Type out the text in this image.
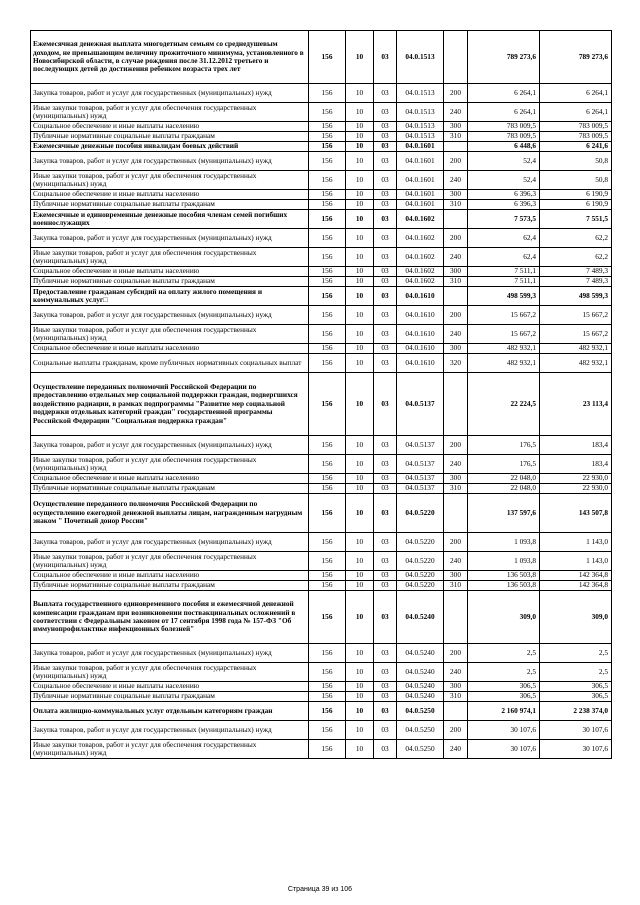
Ежемесячная денежная выплата многодетным семьям со среднедушевым доходом, не превышающим величину прожиточного минимума, установленного в Новосибирской области, в случае рождения после 31.12.2012 третьего и последующих детей до достижения ребенком возраста трех лет	156	10	03	04.0.1513		789 273,6	789 273,6
Закупка товаров, работ и услуг для государственных (муниципальных) нужд	156	10	03	04.0.1513	200	6 264,1	6 264,1
Иные закупки товаров, работ и услуг для обеспечения государственных (муниципальных) нужд	156	10	03	04.0.1513	240	6 264,1	6 264,1
Социальное обеспечение и иные выплаты населению	156	10	03	04.0.1513	300	783 009,5	783 009,5
Публичные нормативные социальные выплаты гражданам	156	10	03	04.0.1513	310	783 009,5	783 009,5
Ежемесячные денежные пособия инвалидам боевых действий	156	10	03	04.0.1601		6 448,6	6 241,6
Закупка товаров, работ и услуг для государственных (муниципальных) нужд	156	10	03	04.0.1601	200	52,4	50,8
Иные закупки товаров, работ и услуг для обеспечения государственных (муниципальных) нужд	156	10	03	04.0.1601	240	52,4	50,8
Социальное обеспечение и иные выплаты населению	156	10	03	04.0.1601	300	6 396,3	6 190,9
Публичные нормативные социальные выплаты гражданам	156	10	03	04.0.1601	310	6 396,3	6 190,9
Ежемесячные и единовременные денежные пособия членам семей погибших военнослужащих	156	10	03	04.0.1602		7 573,5	7 551,5
Закупка товаров, работ и услуг для государственных (муниципальных) нужд	156	10	03	04.0.1602	200	62,4	62,2
Иные закупки товаров, работ и услуг для обеспечения государственных (муниципальных) нужд	156	10	03	04.0.1602	240	62,4	62,2
Социальное обеспечение и иные выплаты населению	156	10	03	04.0.1602	300	7 511,1	7 489,3
Публичные нормативные социальные выплаты гражданам	156	10	03	04.0.1602	310	7 511,1	7 489,3
Предоставление гражданам субсидий на оплату жилого помещения и коммунальных услуг□	156	10	03	04.0.1610		498 599,3	498 599,3
Закупка товаров, работ и услуг для государственных (муниципальных) нужд	156	10	03	04.0.1610	200	15 667,2	15 667,2
Иные закупки товаров, работ и услуг для обеспечения государственных (муниципальных) нужд	156	10	03	04.0.1610	240	15 667,2	15 667,2
Социальное обеспечение и иные выплаты населению	156	10	03	04.0.1610	300	482 932,1	482 932,1
Социальные выплаты гражданам, кроме публичных нормативных социальных выплат	156	10	03	04.0.1610	320	482 932,1	482 932,1
Осуществление переданных полномочий Российской Федерации по предоставлению отдельных мер социальной поддержки граждан, подвергшихся воздействию радиации, в рамках подпрограммы "Развитие мер социальной поддержки отдельных категорий граждан" государственной программы Российской Федерации "Социальная поддержка граждан"	156	10	03	04.0.5137		22 224,5	23 113,4
Закупка товаров, работ и услуг для государственных (муниципальных) нужд	156	10	03	04.0.5137	200	176,5	183,4
Иные закупки товаров, работ и услуг для обеспечения государственных (муниципальных) нужд	156	10	03	04.0.5137	240	176,5	183,4
Социальное обеспечение и иные выплаты населению	156	10	03	04.0.5137	300	22 048,0	22 930,0
Публичные нормативные социальные выплаты гражданам	156	10	03	04.0.5137	310	22 048,0	22 930,0
Осуществление переданного полномочия Российской Федерации по осуществлению ежегодной денежной выплаты лицам, награжденным нагрудным знаком " Почетный донор России"	156	10	03	04.0.5220		137 597,6	143 507,8
Закупка товаров, работ и услуг для государственных (муниципальных) нужд	156	10	03	04.0.5220	200	1 093,8	1 143,0
Иные закупки товаров, работ и услуг для обеспечения государственных (муниципальных) нужд	156	10	03	04.0.5220	240	1 093,8	1 143,0
Социальное обеспечение и иные выплаты населению	156	10	03	04.0.5220	300	136 503,8	142 364,8
Публичные нормативные социальные выплаты гражданам	156	10	03	04.0.5220	310	136 503,8	142 364,8
Выплата государственного единовременного пособия и ежемесячной денежной компенсации гражданам при возникновении поствакцинальных осложнений в соответствии с Федеральным законом от 17 сентября 1998 года № 157-ФЗ "Об иммунопрофилактике инфекционных болезней"	156	10	03	04.0.5240		309,0	309,0
Закупка товаров, работ и услуг для государственных (муниципальных) нужд	156	10	03	04.0.5240	200	2,5	2,5
Иные закупки товаров, работ и услуг для обеспечения государственных (муниципальных) нужд	156	10	03	04.0.5240	240	2,5	2,5
Социальное обеспечение и иные выплаты населению	156	10	03	04.0.5240	300	306,5	306,5
Публичные нормативные социальные выплаты гражданам	156	10	03	04.0.5240	310	306,5	306,5
Оплата жилищно-коммунальных услуг отдельным категориям граждан	156	10	03	04.0.5250		2 160 974,1	2 238 374,0
Закупка товаров, работ и услуг для государственных (муниципальных) нужд	156	10	03	04.0.5250	200	30 107,6	30 107,6
Иные закупки товаров, работ и услуг для обеспечения государственных (муниципальных) нужд	156	10	03	04.0.5250	240	30 107,6	30 107,6
Страница 39 из 106
